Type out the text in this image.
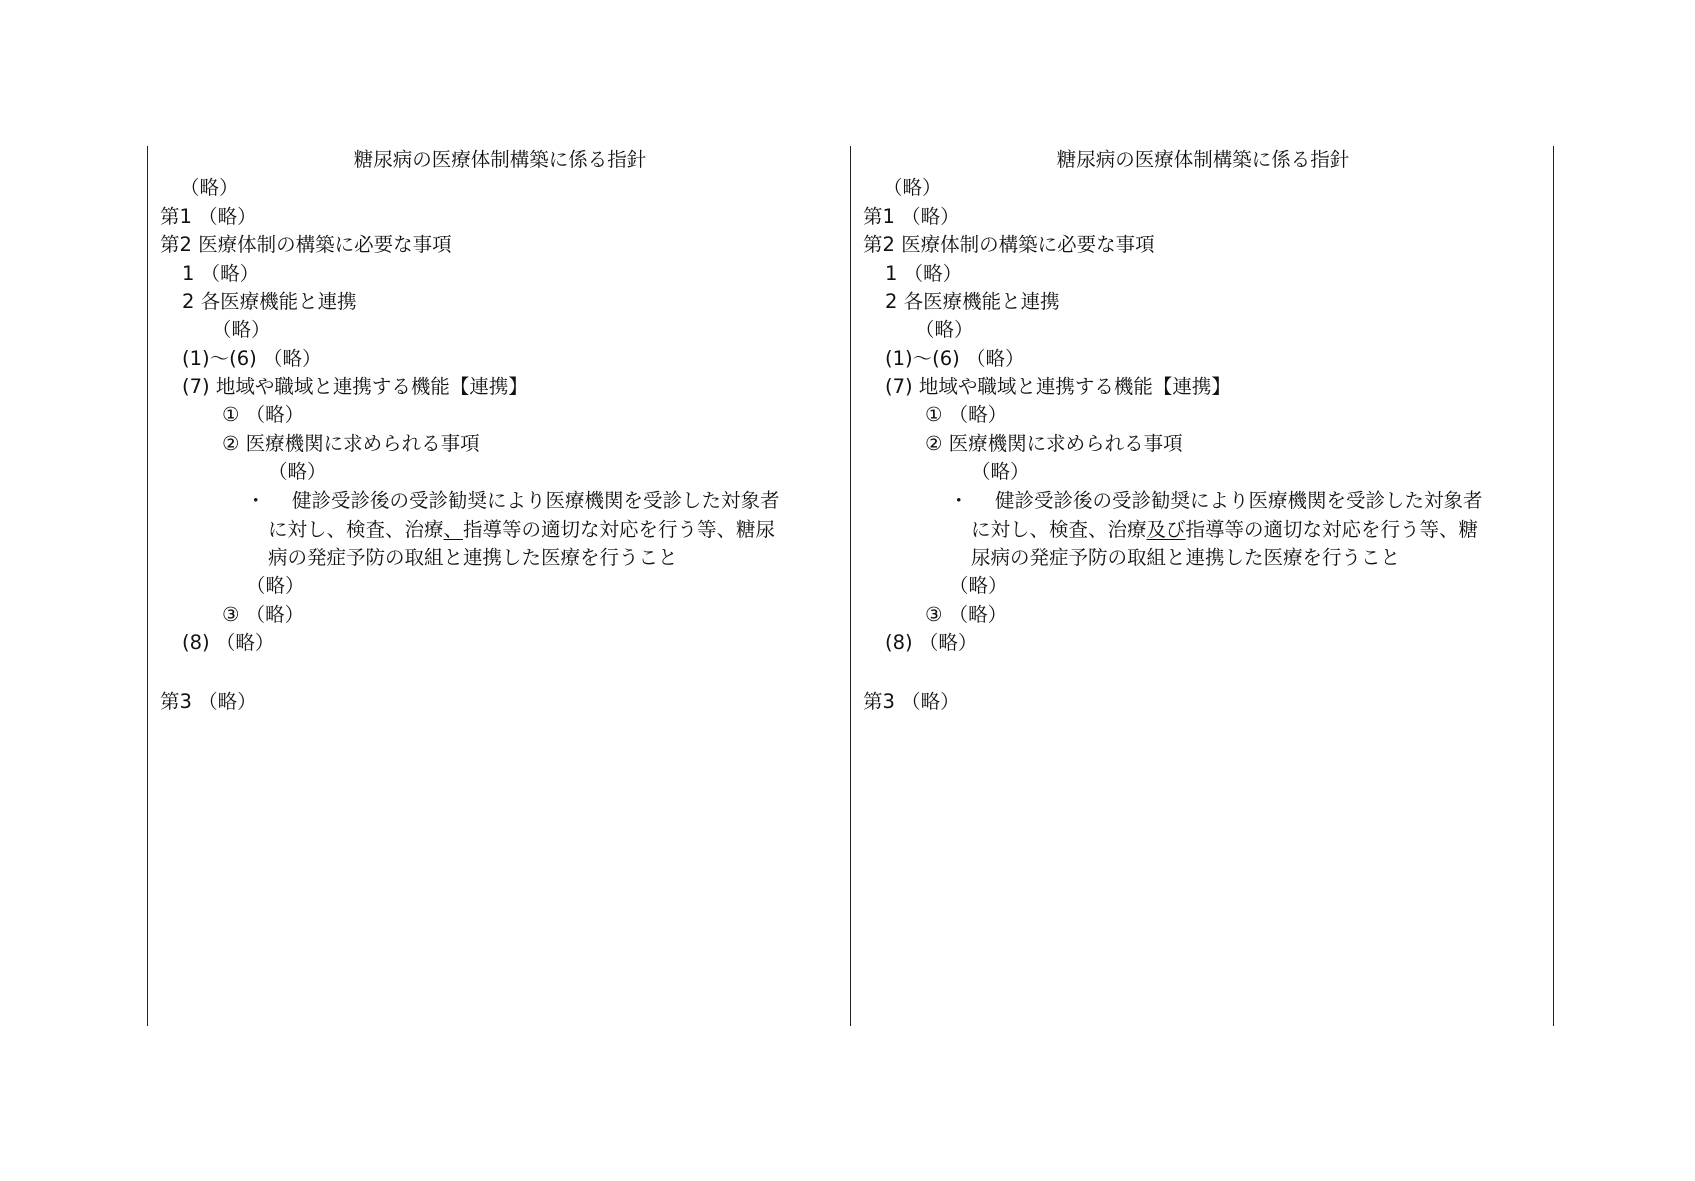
糖尿病の医療体制構築に係る指針
（略）
第1 （略）
第2 医療体制の構築に必要な事項
1 （略）
2 各医療機能と連携
（略）
(1)～(6) （略）
(7) 地域や職域と連携する機能【連携】
① （略）
② 医療機関に求められる事項
（略）
・ 健診受診後の受診勧奨により医療機関を受診した対象者
に対し、検査、治療、指導等の適切な対応を行う等、糖尿
病の発症予防の取組と連携した医療を行うこと
（略）
③ （略）
(8) （略）
第3 （略）
糖尿病の医療体制構築に係る指針
（略）
第1 （略）
第2 医療体制の構築に必要な事項
1 （略）
2 各医療機能と連携
（略）
(1)～(6) （略）
(7) 地域や職域と連携する機能【連携】
① （略）
② 医療機関に求められる事項
（略）
・ 健診受診後の受診勧奨により医療機関を受診した対象者
に対し、検査、治療及び指導等の適切な対応を行う等、糖
尿病の発症予防の取組と連携した医療を行うこと
（略）
③ （略）
(8) （略）
第3 （略）
